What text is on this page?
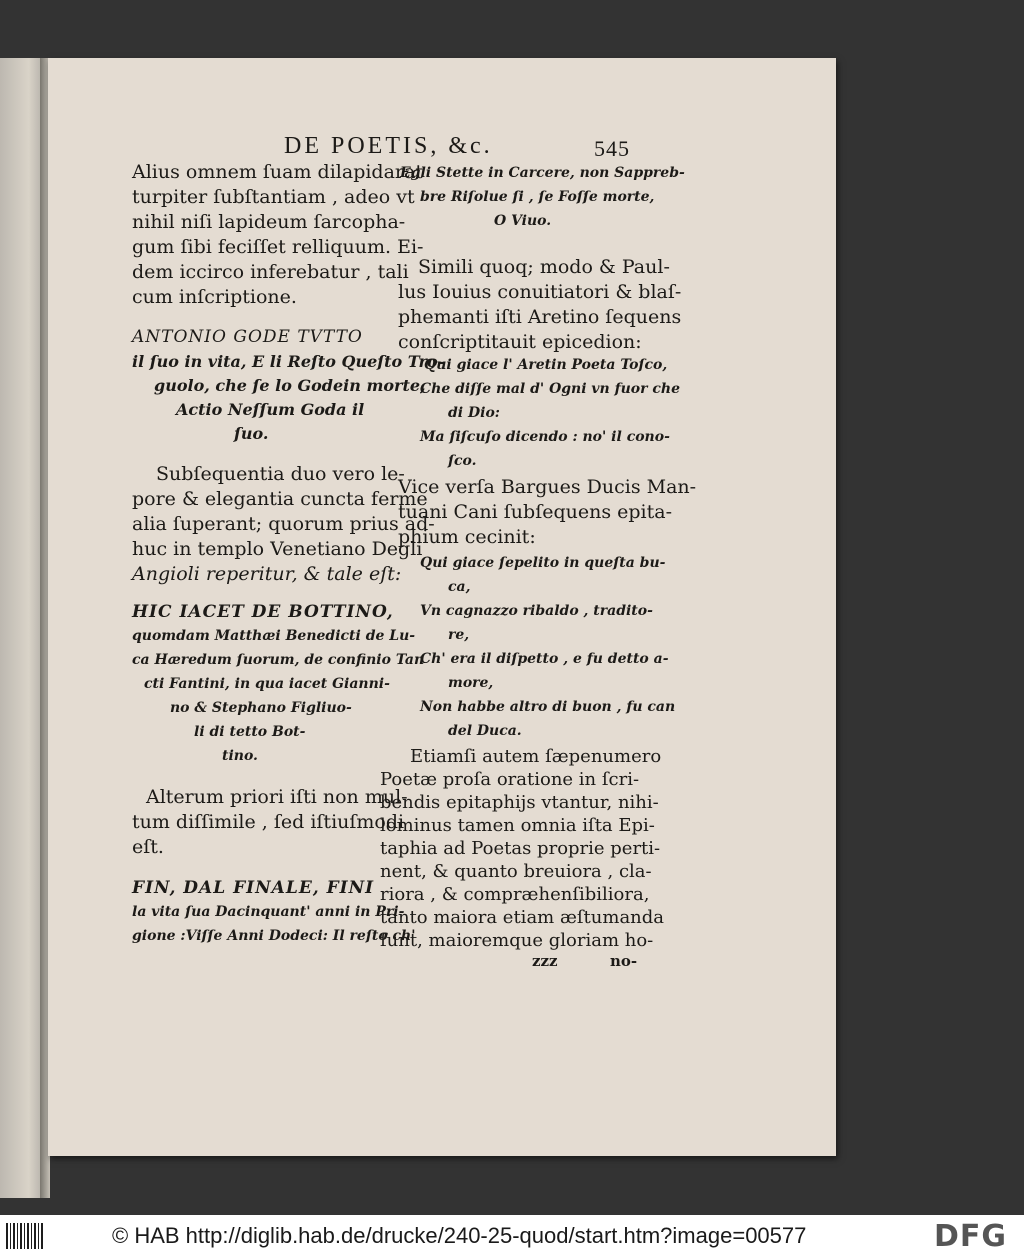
DE POETIS, &c.	545
Alius omnem ſuam dilapidarat
turpiter ſubſtantiam , adeo vt
nihil niſi lapideum ſarcopha-
gum ſibi feciſſet relliquum. Ei-
dem iccirco inferebatur , tali
cum inſcriptione.
ANTONIO GODE TVTTO
il ſuo in vita, E li Reſto Queſto Tro-
guolo, che ſe lo Godein morte,
Actio Neſſum Goda il
ſuo.
Subſequentia duo vero le-
pore & elegantia cuncta ferme
alia ſuperant; quorum prius ad-
huc in templo Venetiano Degli
Angioli reperitur, & tale eſt:
HIC IACET DE BOTTINO,
quomdam Matthæi Benedicti de Lu-
ca Hæredum ſuorum, de confinio Tan
cti Fantini, in qua iacet Gianni-
no & Stephano Figliuo-
li di tetto Bot-
tino.
Alterum priori iſti non mul-
tum diſſimile , ſed iſtiuſmodi
eſt.
FIN, DAL FINALE, FINI
la vita ſua Dacinquant' anni in Pri-
gione :Viſſe Anni Dodeci: Il reſto ch'
Egli Stette in Carcere, non Sappreb-
bre Riſolue ſi , ſe Foſſe morte,
O Viuo.
Simili quoq; modo & Paul-
lus Iouius conuitiatori & blaſ-
phemanti iſti Aretino ſequens
conſcriptitauit epicedion:
Qui giace l' Aretin Poeta Toſco,
Che diſſe mal d' Ogni vn fuor che
di Dio:
Ma ſiſcuſo dicendo : no' il cono-
ſco.
Vice verſa Bargues Ducis Man-
tuani Cani ſubſequens epita-
phium cecinit:
Qui giace ſepelito in queſta bu-
ca,
Vn cagnazzo ribaldo , tradito-
re,
Ch' era il diſpetto , e fu detto a-
more,
Non habbe altro di buon , fu can
del Duca.
Etiamſi autem ſæpenumero
Poetæ proſa oratione in ſcri-
bendis epitaphijs vtantur, nihi-
lominus tamen omnia iſta Epi-
taphia ad Poetas proprie perti-
nent, & quanto breuiora , cla-
riora , & compræhenſibiliora,
tanto maiora etiam æſtumanda
ſunt, maioremque gloriam ho-
zzz	no-
© HAB http://diglib.hab.de/drucke/240-25-quod/start.htm?image=00577	DFG
